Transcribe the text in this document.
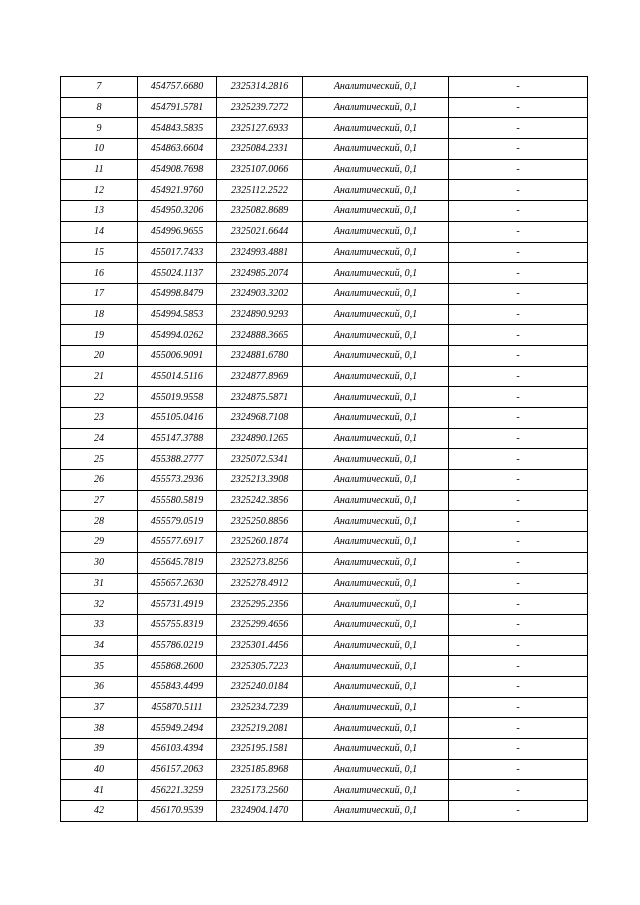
7	454757.6680	2325314.2816	Аналитический, 0,1	-
8	454791.5781	2325239.7272	Аналитический, 0,1	-
9	454843.5835	2325127.6933	Аналитический, 0,1	-
10	454863.6604	2325084.2331	Аналитический, 0,1	-
11	454908.7698	2325107.0066	Аналитический, 0,1	-
12	454921.9760	2325112.2522	Аналитический, 0,1	-
13	454950.3206	2325082.8689	Аналитический, 0,1	-
14	454996.9655	2325021.6644	Аналитический, 0,1	-
15	455017.7433	2324993.4881	Аналитический, 0,1	-
16	455024.1137	2324985.2074	Аналитический, 0,1	-
17	454998.8479	2324903.3202	Аналитический, 0,1	-
18	454994.5853	2324890.9293	Аналитический, 0,1	-
19	454994.0262	2324888.3665	Аналитический, 0,1	-
20	455006.9091	2324881.6780	Аналитический, 0,1	-
21	455014.5116	2324877.8969	Аналитический, 0,1	-
22	455019.9558	2324875.5871	Аналитический, 0,1	-
23	455105.0416	2324968.7108	Аналитический, 0,1	-
24	455147.3788	2324890.1265	Аналитический, 0,1	-
25	455388.2777	2325072.5341	Аналитический, 0,1	-
26	455573.2936	2325213.3908	Аналитический, 0,1	-
27	455580.5819	2325242.3856	Аналитический, 0,1	-
28	455579.0519	2325250.8856	Аналитический, 0,1	-
29	455577.6917	2325260.1874	Аналитический, 0,1	-
30	455645.7819	2325273.8256	Аналитический, 0,1	-
31	455657.2630	2325278.4912	Аналитический, 0,1	-
32	455731.4919	2325295.2356	Аналитический, 0,1	-
33	455755.8319	2325299.4656	Аналитический, 0,1	-
34	455786.0219	2325301.4456	Аналитический, 0,1	-
35	455868.2600	2325305.7223	Аналитический, 0,1	-
36	455843.4499	2325240.0184	Аналитический, 0,1	-
37	455870.5111	2325234.7239	Аналитический, 0,1	-
38	455949.2494	2325219.2081	Аналитический, 0,1	-
39	456103.4394	2325195.1581	Аналитический, 0,1	-
40	456157.2063	2325185.8968	Аналитический, 0,1	-
41	456221.3259	2325173.2560	Аналитический, 0,1	-
42	456170.9539	2324904.1470	Аналитический, 0,1	-
